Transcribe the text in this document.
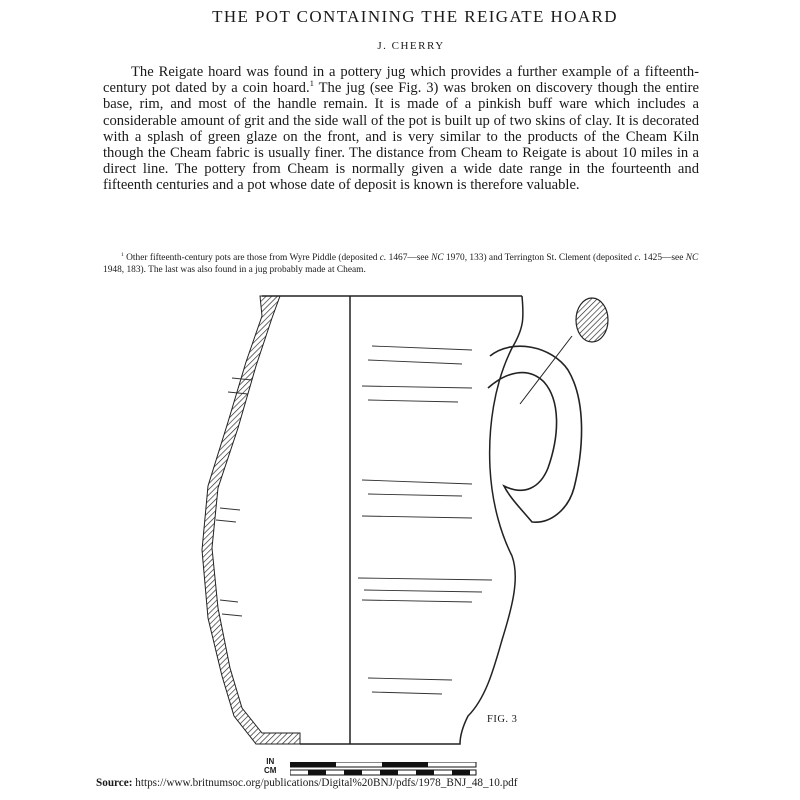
THE POT CONTAINING THE REIGATE HOARD
J. CHERRY

The Reigate hoard was found in a pottery jug which provides a further example of a fifteenth-century pot dated by a coin hoard.$^1$ The jug (see Fig. 3) was broken on discovery though the entire base, rim, and most of the handle remain. It is made of a pinkish buff ware which includes a considerable amount of grit and the side wall of the pot is built up of two skins of clay. It is decorated with a splash of green glaze on the front, and is very similar to the products of the Cheam Kiln though the Cheam fabric is usually finer. The distance from Cheam to Reigate is about 10 miles in a direct line. The pottery from Cheam is normally given a wide date range in the fourteenth and fifteenth centuries and a pot whose date of deposit is known is therefore valuable.

$^1$ Other fifteenth-century pots are those from Wyre Piddle (deposited c. 1467—see NC 1970, 133) and Terrington St. Clement (deposited c. 1425—see NC 1948, 183). The last was also found in a jug probably made at Cheam.
FIG. 3
IN
CM
Source: https://www.britnumsoc.org/publications/Digital%20BNJ/pdfs/1978_BNJ_48_10.pdf
